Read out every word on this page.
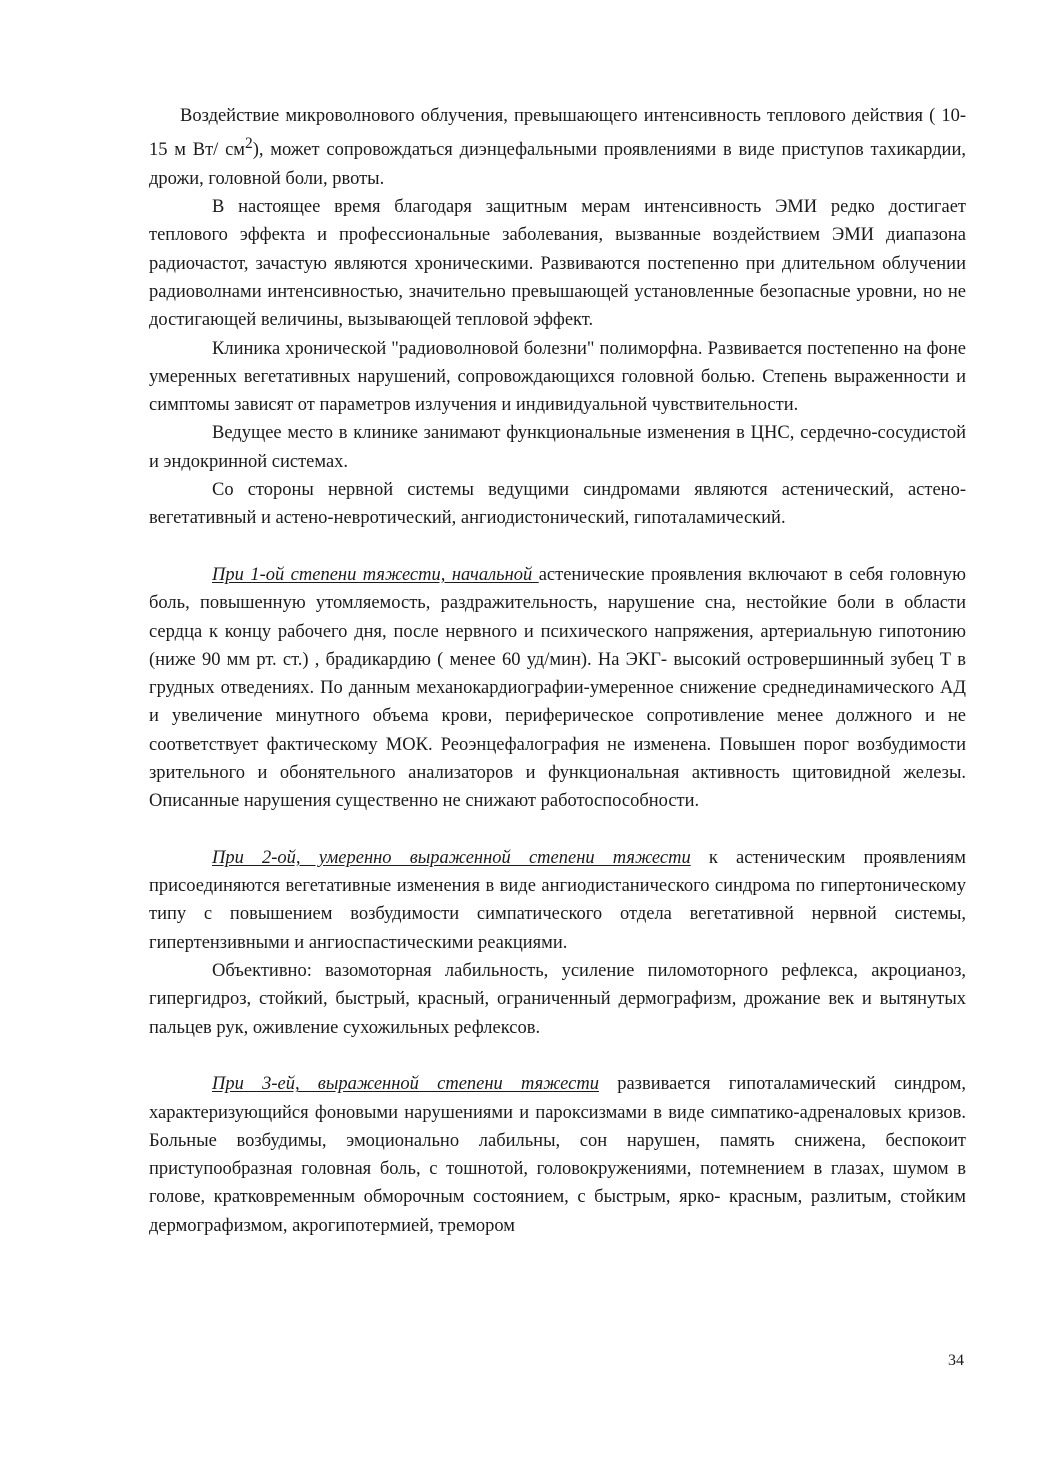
Воздействие микроволнового облучения, превышающего интенсивность теплового действия ( 10-15 м Вт/ $см^2$), может сопровождаться диэнцефальными проявлениями в виде приступов тахикардии, дрожи, головной боли, рвоты.

В настоящее время благодаря защитным мерам интенсивность ЭМИ редко достигает теплового эффекта и профессиональные заболевания, вызванные воздействием ЭМИ диапазона радиочастот, зачастую являются хроническими. Развиваются постепенно при длительном облучении радиоволнами интенсивностью, значительно превышающей установленные безопасные уровни, но не достигающей величины, вызывающей тепловой эффект.

Клиника хронической "радиоволновой болезни" полиморфна. Развивается постепенно на фоне умеренных вегетативных нарушений, сопровождающихся головной болью. Степень выраженности и симптомы зависят от параметров излучения и индивидуальной чувствительности.

Ведущее место в клинике занимают функциональные изменения в ЦНС, сердечно-сосудистой и эндокринной системах.

Со стороны нервной системы ведущими синдромами являются астенический, астено-вегетативный и астено-невротический, ангиодистонический, гипоталамический.

При 1-ой степени тяжести, начальной астенические проявления включают в себя головную боль, повышенную утомляемость, раздражительность, нарушение сна, нестойкие боли в области сердца к концу рабочего дня, после нервного и психического напряжения, артериальную гипотонию (ниже 90 мм рт. ст.) , брадикардию ( менее 60 уд/мин). На ЭКГ- высокий островершинный зубец Т в грудных отведениях. По данным механокардиографии-умеренное снижение среднединамического АД и увеличение минутного объема крови, периферическое сопротивление менее должного и не соответствует фактическому МОК. Реоэнцефалография не изменена. Повышен порог возбудимости зрительного и обонятельного анализаторов и функциональная активность щитовидной железы. Описанные нарушения существенно не снижают работоспособности.

При 2-ой, умеренно выраженной степени тяжести к астеническим проявлениям присоединяются вегетативные изменения в виде ангиодистанического синдрома по гипертоническому типу с повышением возбудимости симпатического отдела вегетативной нервной системы, гипертензивными и ангиоспастическими реакциями.

Объективно: вазомоторная лабильность, усиление пиломоторного рефлекса, акроцианоз, гипергидроз, стойкий, быстрый, красный, ограниченный дермографизм, дрожание век и вытянутых пальцев рук, оживление сухожильных рефлексов.

При 3-ей, выраженной степени тяжести развивается гипоталамический синдром, характеризующийся фоновыми нарушениями и пароксизмами в виде симпатико-адреналовых кризов. Больные возбудимы, эмоционально лабильны, сон нарушен, память снижена, беспокоит приступообразная головная боль, с тошнотой, головокружениями, потемнением в глазах, шумом в голове, кратковременным обморочным состоянием, с быстрым, ярко- красным, разлитым, стойким дермографизмом, акрогипотермией, тремором

34
